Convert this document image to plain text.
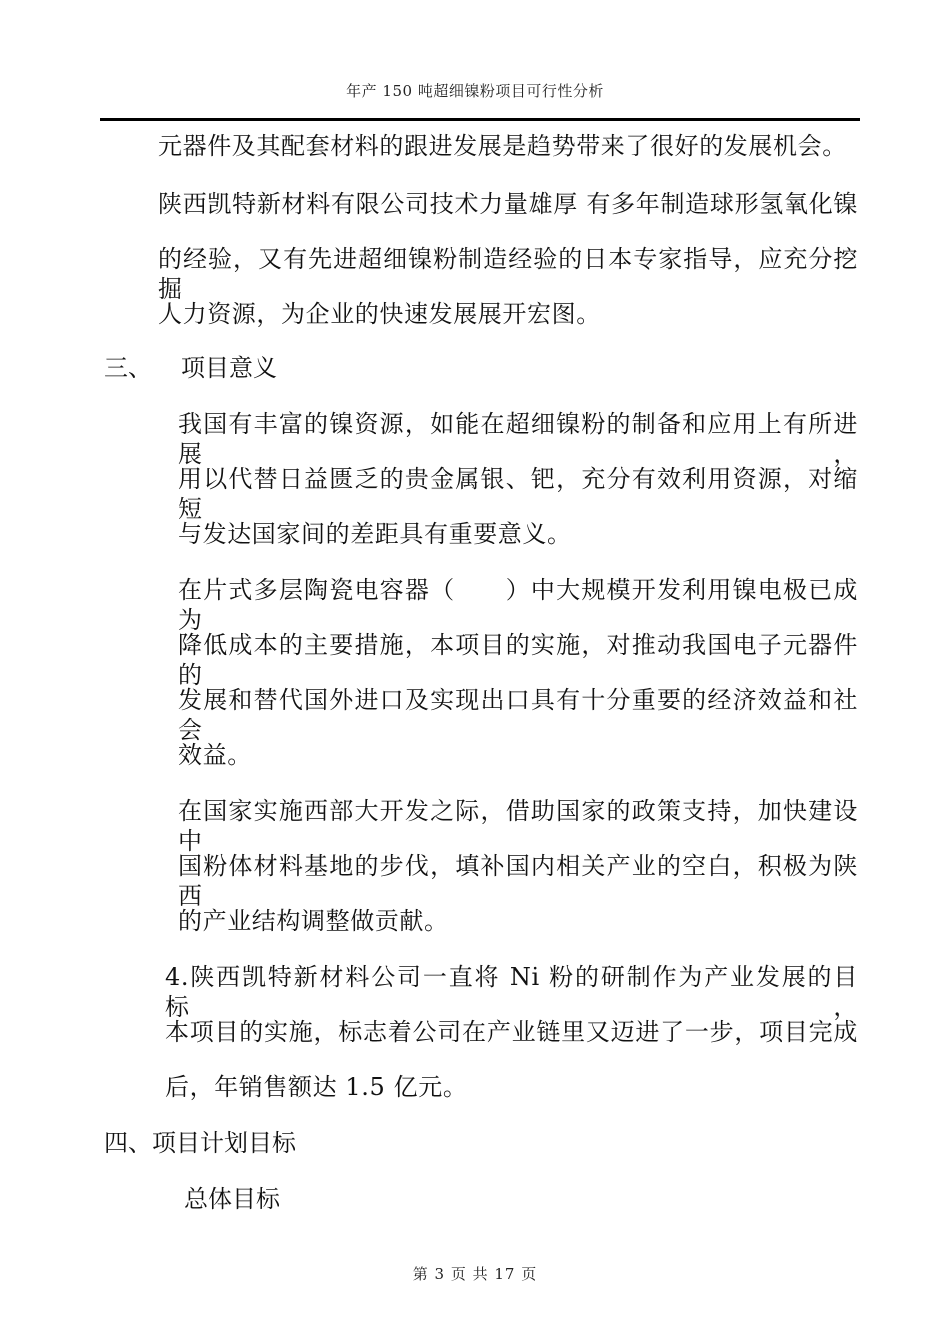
年产 150 吨超细镍粉项目可行性分析
元器件及其配套材料的跟进发展是趋势带来了很好的发展机会。
陕西凯特新材料有限公司技术力量雄厚 有多年制造球形氢氧化镍
的经验，又有先进超细镍粉制造经验的日本专家指导，应充分挖掘
人力资源，为企业的快速发展展开宏图。
三、 项目意义
我国有丰富的镍资源，如能在超细镍粉的制备和应用上有所进展，
用以代替日益匮乏的贵金属银、钯，充分有效利用资源，对缩短
与发达国家间的差距具有重要意义。
在片式多层陶瓷电容器（　　）中大规模开发利用镍电极已成为
降低成本的主要措施，本项目的实施，对推动我国电子元器件的
发展和替代国外进口及实现出口具有十分重要的经济效益和社会
效益。
在国家实施西部大开发之际，借助国家的政策支持，加快建设中
国粉体材料基地的步伐，填补国内相关产业的空白，积极为陕西
的产业结构调整做贡献。
4.陕西凯特新材料公司一直将 Ni 粉的研制作为产业发展的目标，
本项目的实施，标志着公司在产业链里又迈进了一步，项目完成
后，年销售额达 1.5 亿元。
四、项目计划目标
总体目标
第 3 页 共 17 页
